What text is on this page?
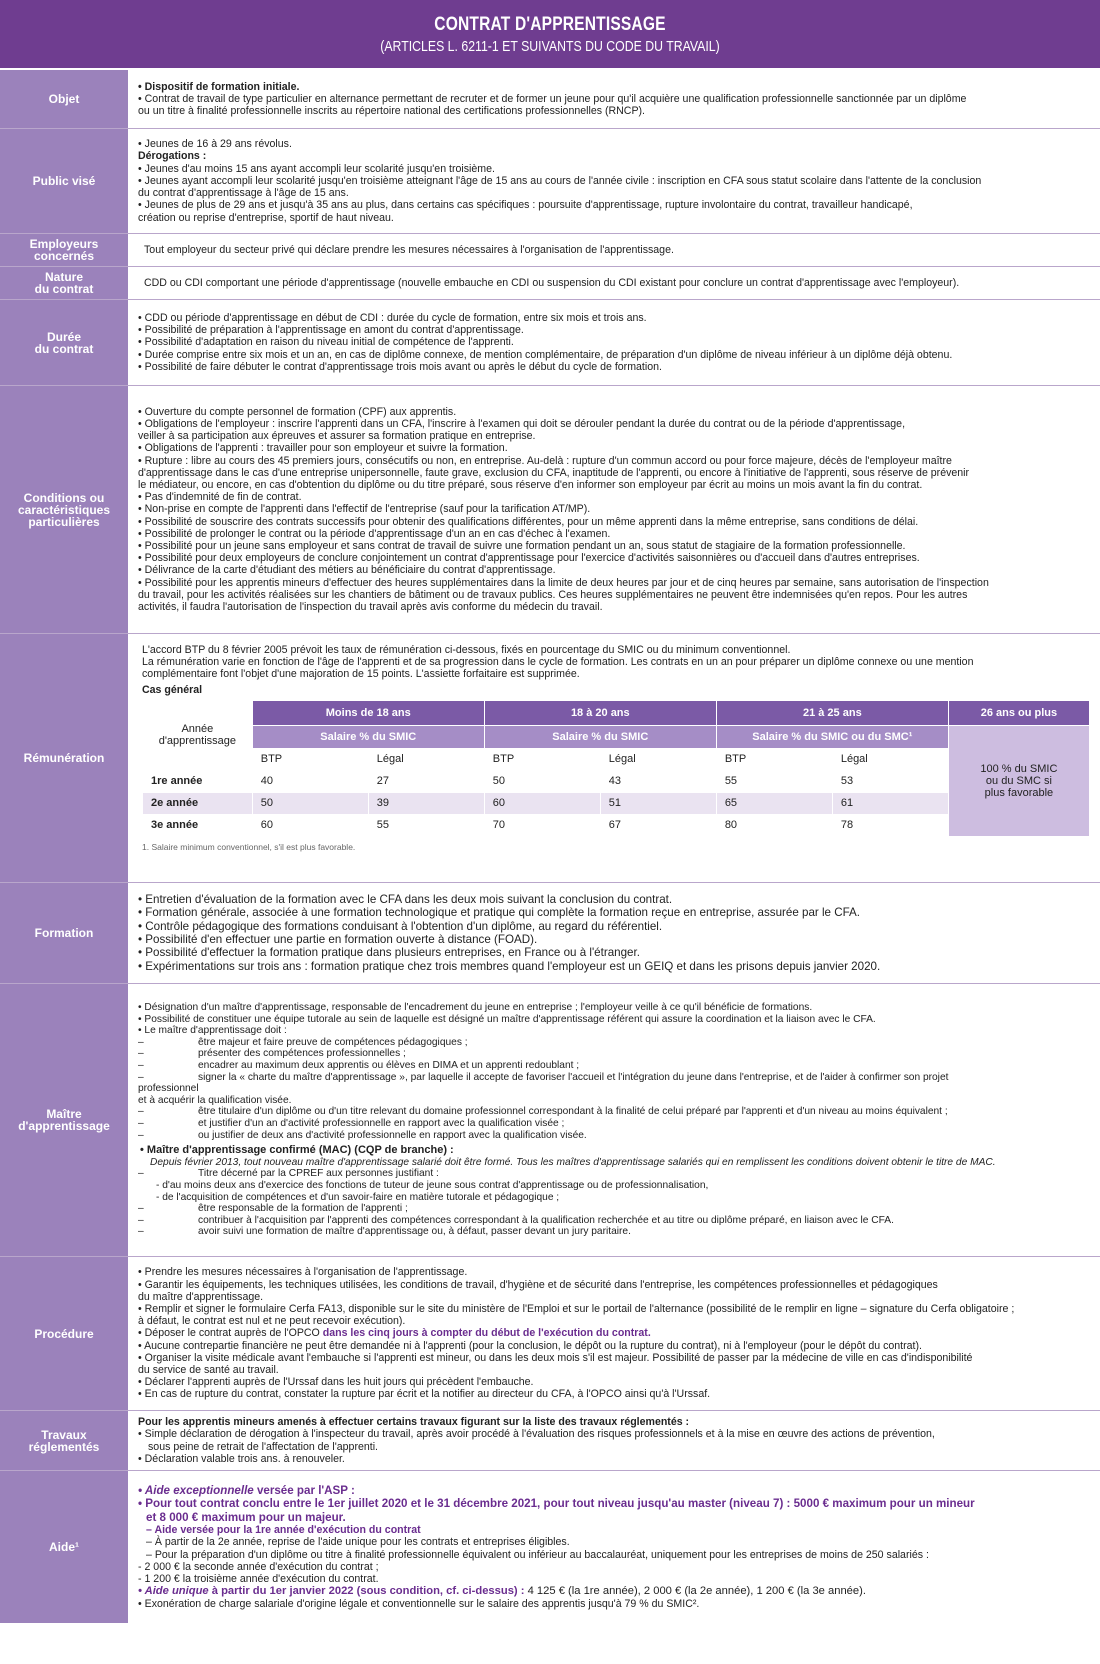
CONTRAT D'APPRENTISSAGE
(ARTICLES L. 6211-1 ET SUIVANTS DU CODE DU TRAVAIL)
Objet
• Dispositif de formation initiale.
• Contrat de travail de type particulier en alternance permettant de recruter et de former un jeune pour qu'il acquière une qualification professionnelle sanctionnée par un diplôme
ou un titre à finalité professionnelle inscrits au répertoire national des certifications professionnelles (RNCP).
Public visé
• Jeunes de 16 à 29 ans révolus.
Dérogations :
• Jeunes d'au moins 15 ans ayant accompli leur scolarité jusqu'en troisième.
• Jeunes ayant accompli leur scolarité jusqu'en troisième atteignant l'âge de 15 ans au cours de l'année civile : inscription en CFA sous statut scolaire dans l'attente de la conclusion
du contrat d'apprentissage à l'âge de 15 ans.
• Jeunes de plus de 29 ans et jusqu'à 35 ans au plus, dans certains cas spécifiques : poursuite d'apprentissage, rupture involontaire du contrat, travailleur handicapé,
création ou reprise d'entreprise, sportif de haut niveau.
Employeurs
concernés	Tout employeur du secteur privé qui déclare prendre les mesures nécessaires à l'organisation de l'apprentissage.
Nature
du contrat	CDD ou CDI comportant une période d'apprentissage (nouvelle embauche en CDI ou suspension du CDI existant pour conclure un contrat d'apprentissage avec l'employeur).
Durée
du contrat
• CDD ou période d'apprentissage en début de CDI : durée du cycle de formation, entre six mois et trois ans.
• Possibilité de préparation à l'apprentissage en amont du contrat d'apprentissage.
• Possibilité d'adaptation en raison du niveau initial de compétence de l'apprenti.
• Durée comprise entre six mois et un an, en cas de diplôme connexe, de mention complémentaire, de préparation d'un diplôme de niveau inférieur à un diplôme déjà obtenu.
• Possibilité de faire débuter le contrat d'apprentissage trois mois avant ou après le début du cycle de formation.
Conditions ou
caractéristiques
particulières
• Ouverture du compte personnel de formation (CPF) aux apprentis.
• Obligations de l'employeur : inscrire l'apprenti dans un CFA, l'inscrire à l'examen qui doit se dérouler pendant la durée du contrat ou de la période d'apprentissage,
veiller à sa participation aux épreuves et assurer sa formation pratique en entreprise.
• Obligations de l'apprenti : travailler pour son employeur et suivre la formation.
• Rupture : libre au cours des 45 premiers jours, consécutifs ou non, en entreprise. Au-delà : rupture d'un commun accord ou pour force majeure, décès de l'employeur maître
d'apprentissage dans le cas d'une entreprise unipersonnelle, faute grave, exclusion du CFA, inaptitude de l'apprenti, ou encore à l'initiative de l'apprenti, sous réserve de prévenir
le médiateur, ou encore, en cas d'obtention du diplôme ou du titre préparé, sous réserve d'en informer son employeur par écrit au moins un mois avant la fin du contrat.
• Pas d'indemnité de fin de contrat.
• Non-prise en compte de l'apprenti dans l'effectif de l'entreprise (sauf pour la tarification AT/MP).
• Possibilité de souscrire des contrats successifs pour obtenir des qualifications différentes, pour un même apprenti dans la même entreprise, sans conditions de délai.
• Possibilité de prolonger le contrat ou la période d'apprentissage d'un an en cas d'échec à l'examen.
• Possibilité pour un jeune sans employeur et sans contrat de travail de suivre une formation pendant un an, sous statut de stagiaire de la formation professionnelle.
• Possibilité pour deux employeurs de conclure conjointement un contrat d'apprentissage pour l'exercice d'activités saisonnières ou d'accueil dans d'autres entreprises.
• Délivrance de la carte d'étudiant des métiers au bénéficiaire du contrat d'apprentissage.
• Possibilité pour les apprentis mineurs d'effectuer des heures supplémentaires dans la limite de deux heures par jour et de cinq heures par semaine, sans autorisation de l'inspection
du travail, pour les activités réalisées sur les chantiers de bâtiment ou de travaux publics. Ces heures supplémentaires ne peuvent être indemnisées qu'en repos. Pour les autres
activités, il faudra l'autorisation de l'inspection du travail après avis conforme du médecin du travail.
Rémunération
L'accord BTP du 8 février 2005 prévoit les taux de rémunération ci-dessous, fixés en pourcentage du SMIC ou du minimum conventionnel.
La rémunération varie en fonction de l'âge de l'apprenti et de sa progression dans le cycle de formation. Les contrats en un an pour préparer un diplôme connexe ou une mention
complémentaire font l'objet d'une majoration de 15 points. L'assiette forfaitaire est supprimée.
Cas général
Année
d'apprentissage	Moins de 18 ans		18 à 20 ans		21 à 25 ans		26 ans ou plus
	Salaire % du SMIC		Salaire % du SMIC		Salaire % du SMIC ou du SMC¹		100 % du SMIC
ou du SMC si
plus favorable

	BTP	Légal	BTP	Légal	BTP	Légal	
1re année	40	27	50	43	55	53	
2e année	50	39	60	51	65	61	
3e année	60	55	70	67	80	78	
1. Salaire minimum conventionnel, s'il est plus favorable.
Formation
• Entretien d'évaluation de la formation avec le CFA dans les deux mois suivant la conclusion du contrat.
• Formation générale, associée à une formation technologique et pratique qui complète la formation reçue en entreprise, assurée par le CFA.
• Contrôle pédagogique des formations conduisant à l'obtention d'un diplôme, au regard du référentiel.
• Possibilité d'en effectuer une partie en formation ouverte à distance (FOAD).
• Possibilité d'effectuer la formation pratique dans plusieurs entreprises, en France ou à l'étranger.
• Expérimentations sur trois ans : formation pratique chez trois membres quand l'employeur est un GEIQ et dans les prisons depuis janvier 2020.
Maître
d'apprentissage
• Désignation d'un maître d'apprentissage, responsable de l'encadrement du jeune en entreprise ; l'employeur veille à ce qu'il bénéficie de formations.
• Possibilité de constituer une équipe tutorale au sein de laquelle est désigné un maître d'apprentissage référent qui assure la coordination et la liaison avec le CFA.
• Le maître d'apprentissage doit :
–	être majeur et faire preuve de compétences pédagogiques ;
–	présenter des compétences professionnelles ;
–	encadrer au maximum deux apprentis ou élèves en DIMA et un apprenti redoublant ;
–	signer la « charte du maître d'apprentissage », par laquelle il accepte de favoriser l'accueil et l'intégration du jeune dans l'entreprise, et de l'aider à confirmer son projet
professionnel
et à acquérir la qualification visée.
–	être titulaire d'un diplôme ou d'un titre relevant du domaine professionnel correspondant à la finalité de celui préparé par l'apprenti et d'un niveau au moins équivalent ;
–	et justifier d'un an d'activité professionnelle en rapport avec la qualification visée ;
–	ou justifier de deux ans d'activité professionnelle en rapport avec la qualification visée.
• Maître d'apprentissage confirmé (MAC) (CQP de branche) :
Depuis février 2013, tout nouveau maître d'apprentissage salarié doit être formé. Tous les maîtres d'apprentissage salariés qui en remplissent les conditions doivent obtenir le titre de MAC.
–	Titre décerné par la CPREF aux personnes justifiant :
- d'au moins deux ans d'exercice des fonctions de tuteur de jeune sous contrat d'apprentissage ou de professionnalisation,
- de l'acquisition de compétences et d'un savoir-faire en matière tutorale et pédagogique ;
–	être responsable de la formation de l'apprenti ;
–	contribuer à l'acquisition par l'apprenti des compétences correspondant à la qualification recherchée et au titre ou diplôme préparé, en liaison avec le CFA.
–	avoir suivi une formation de maître d'apprentissage ou, à défaut, passer devant un jury paritaire.
Procédure
• Prendre les mesures nécessaires à l'organisation de l'apprentissage.
• Garantir les équipements, les techniques utilisées, les conditions de travail, d'hygiène et de sécurité dans l'entreprise, les compétences professionnelles et pédagogiques
du maître d'apprentissage.
• Remplir et signer le formulaire Cerfa FA13, disponible sur le site du ministère de l'Emploi et sur le portail de l'alternance (possibilité de le remplir en ligne – signature du Cerfa obligatoire ;
à défaut, le contrat est nul et ne peut recevoir exécution).
• Déposer le contrat auprès de l'OPCO dans les cinq jours à compter du début de l'exécution du contrat.
• Aucune contrepartie financière ne peut être demandée ni à l'apprenti (pour la conclusion, le dépôt ou la rupture du contrat), ni à l'employeur (pour le dépôt du contrat).
• Organiser la visite médicale avant l'embauche si l'apprenti est mineur, ou dans les deux mois s'il est majeur. Possibilité de passer par la médecine de ville en cas d'indisponibilité
du service de santé au travail.
• Déclarer l'apprenti auprès de l'Urssaf dans les huit jours qui précèdent l'embauche.
• En cas de rupture du contrat, constater la rupture par écrit et la notifier au directeur du CFA, à l'OPCO ainsi qu'à l'Urssaf.
Travaux
réglementés
Pour les apprentis mineurs amenés à effectuer certains travaux figurant sur la liste des travaux réglementés :
• Simple déclaration de dérogation à l'inspecteur du travail, après avoir procédé à l'évaluation des risques professionnels et à la mise en œuvre des actions de prévention,
sous peine de retrait de l'affectation de l'apprenti.
• Déclaration valable trois ans. à renouveler.
Aide¹
• Aide exceptionnelle versée par l'ASP :
• Pour tout contrat conclu entre le 1er juillet 2020 et le 31 décembre 2021, pour tout niveau jusqu'au master (niveau 7) : 5000 € maximum pour un mineur
et 8 000 € maximum pour un majeur.
– Aide versée pour la 1re année d'exécution du contrat
– À partir de la 2e année, reprise de l'aide unique pour les contrats et entreprises éligibles.
– Pour la préparation d'un diplôme ou titre à finalité professionnelle équivalent ou inférieur au baccalauréat, uniquement pour les entreprises de moins de 250 salariés :
- 2 000 € la seconde année d'exécution du contrat ;
- 1 200 € la troisième année d'exécution du contrat.
• Aide unique à partir du 1er janvier 2022 (sous condition, cf. ci-dessus) : 4 125 € (la 1re année), 2 000 € (la 2e année), 1 200 € (la 3e année).
• Exonération de charge salariale d'origine légale et conventionnelle sur le salaire des apprentis jusqu'à 79 % du SMIC².
